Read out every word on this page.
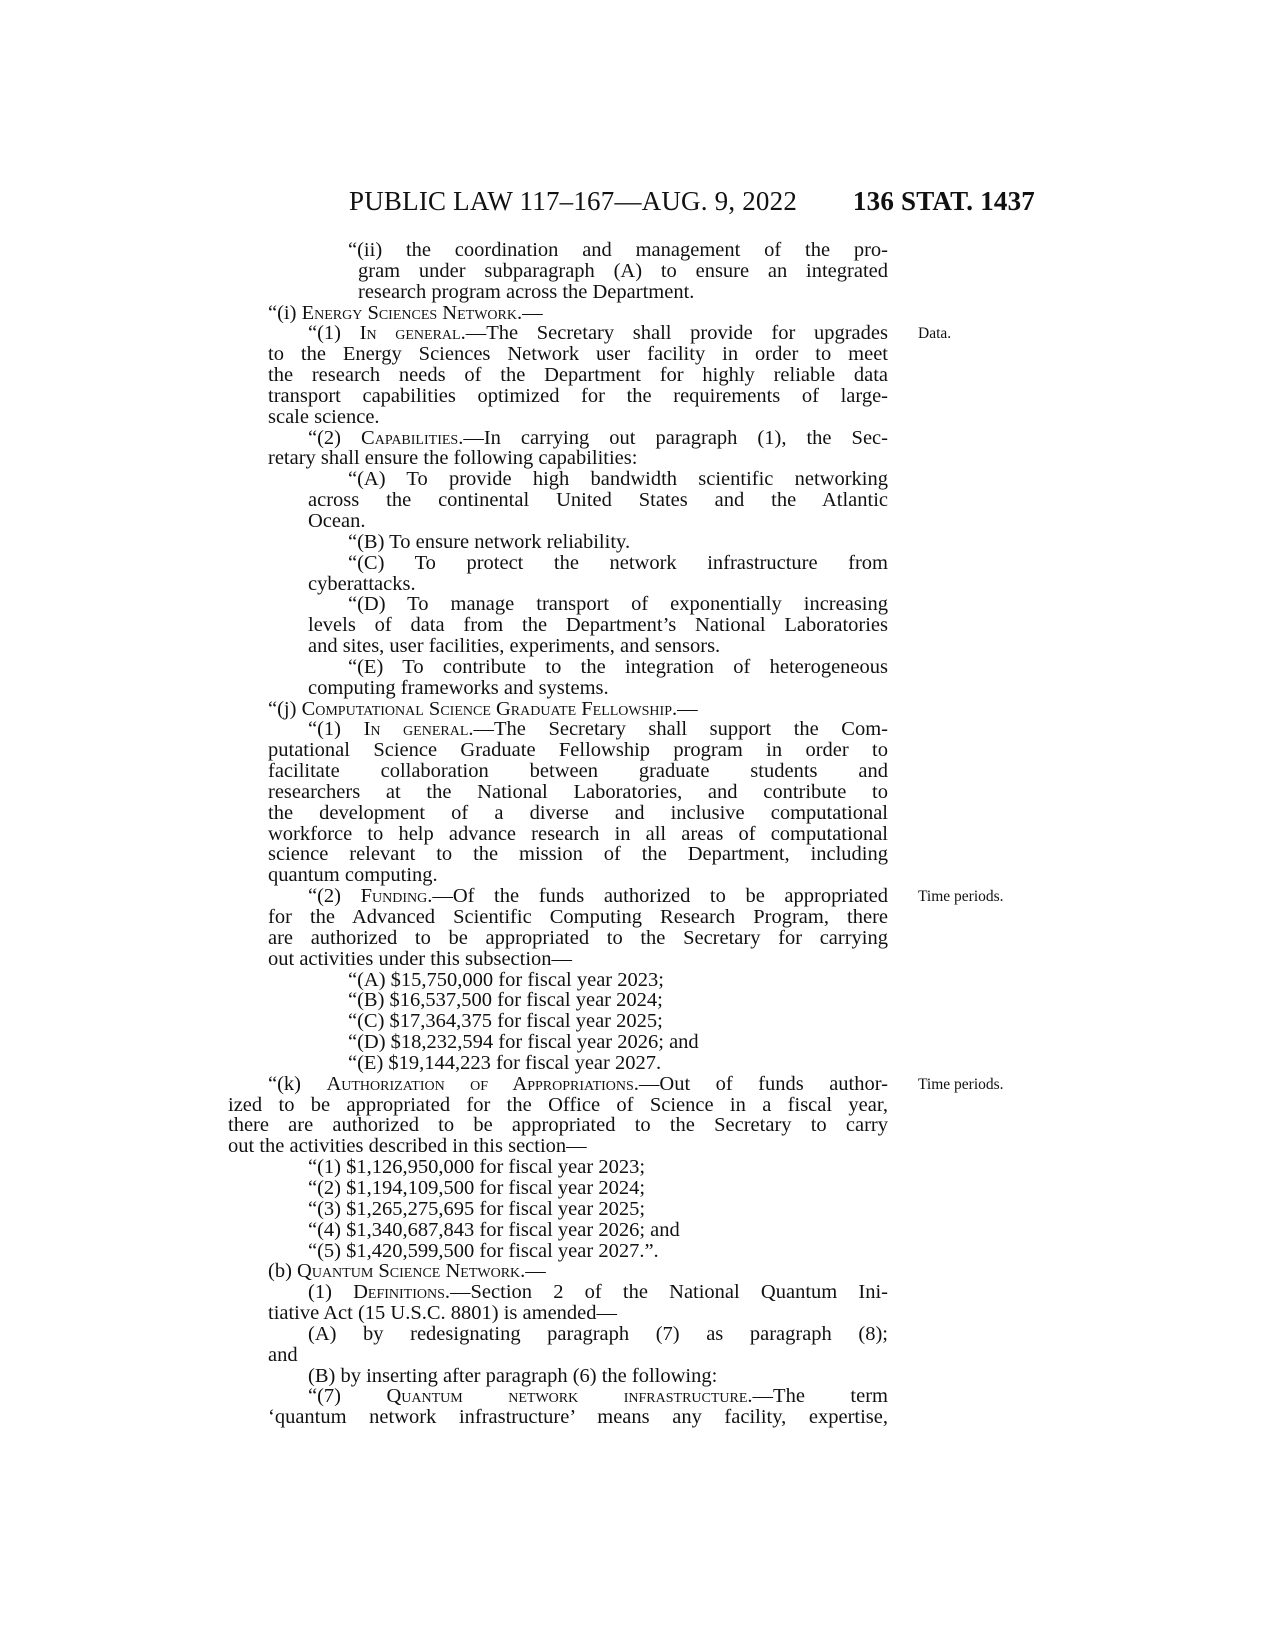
PUBLIC LAW 117–167—AUG. 9, 2022 136 STAT. 1437
“(ii) the coordination and management of the pro-
gram under subparagraph (A) to ensure an integrated
research program across the Department.
“(i) Energy Sciences Network.—
“(1) In general.—The Secretary shall provide for upgrades
to the Energy Sciences Network user facility in order to meet
the research needs of the Department for highly reliable data
transport capabilities optimized for the requirements of large-
scale science.
“(2) Capabilities.—In carrying out paragraph (1), the Sec-
retary shall ensure the following capabilities:
“(A) To provide high bandwidth scientific networking
across the continental United States and the Atlantic
Ocean.
“(B) To ensure network reliability.
“(C) To protect the network infrastructure from
cyberattacks.
“(D) To manage transport of exponentially increasing
levels of data from the Department’s National Laboratories
and sites, user facilities, experiments, and sensors.
“(E) To contribute to the integration of heterogeneous
computing frameworks and systems.
“(j) Computational Science Graduate Fellowship.—
“(1) In general.—The Secretary shall support the Com-
putational Science Graduate Fellowship program in order to
facilitate collaboration between graduate students and
researchers at the National Laboratories, and contribute to
the development of a diverse and inclusive computational
workforce to help advance research in all areas of computational
science relevant to the mission of the Department, including
quantum computing.
“(2) Funding.—Of the funds authorized to be appropriated
for the Advanced Scientific Computing Research Program, there
are authorized to be appropriated to the Secretary for carrying
out activities under this subsection—
“(A) $15,750,000 for fiscal year 2023;
“(B) $16,537,500 for fiscal year 2024;
“(C) $17,364,375 for fiscal year 2025;
“(D) $18,232,594 for fiscal year 2026; and
“(E) $19,144,223 for fiscal year 2027.
“(k) Authorization of Appropriations.—Out of funds author-
ized to be appropriated for the Office of Science in a fiscal year,
there are authorized to be appropriated to the Secretary to carry
out the activities described in this section—
“(1) $1,126,950,000 for fiscal year 2023;
“(2) $1,194,109,500 for fiscal year 2024;
“(3) $1,265,275,695 for fiscal year 2025;
“(4) $1,340,687,843 for fiscal year 2026; and
“(5) $1,420,599,500 for fiscal year 2027.”.
(b) Quantum Science Network.—
(1) Definitions.—Section 2 of the National Quantum Ini-
tiative Act (15 U.S.C. 8801) is amended—
(A) by redesignating paragraph (7) as paragraph (8);
and
(B) by inserting after paragraph (6) the following:
“(7) Quantum network infrastructure.—The term
‘quantum network infrastructure’ means any facility, expertise,
Data.
Time periods.
Time periods.
